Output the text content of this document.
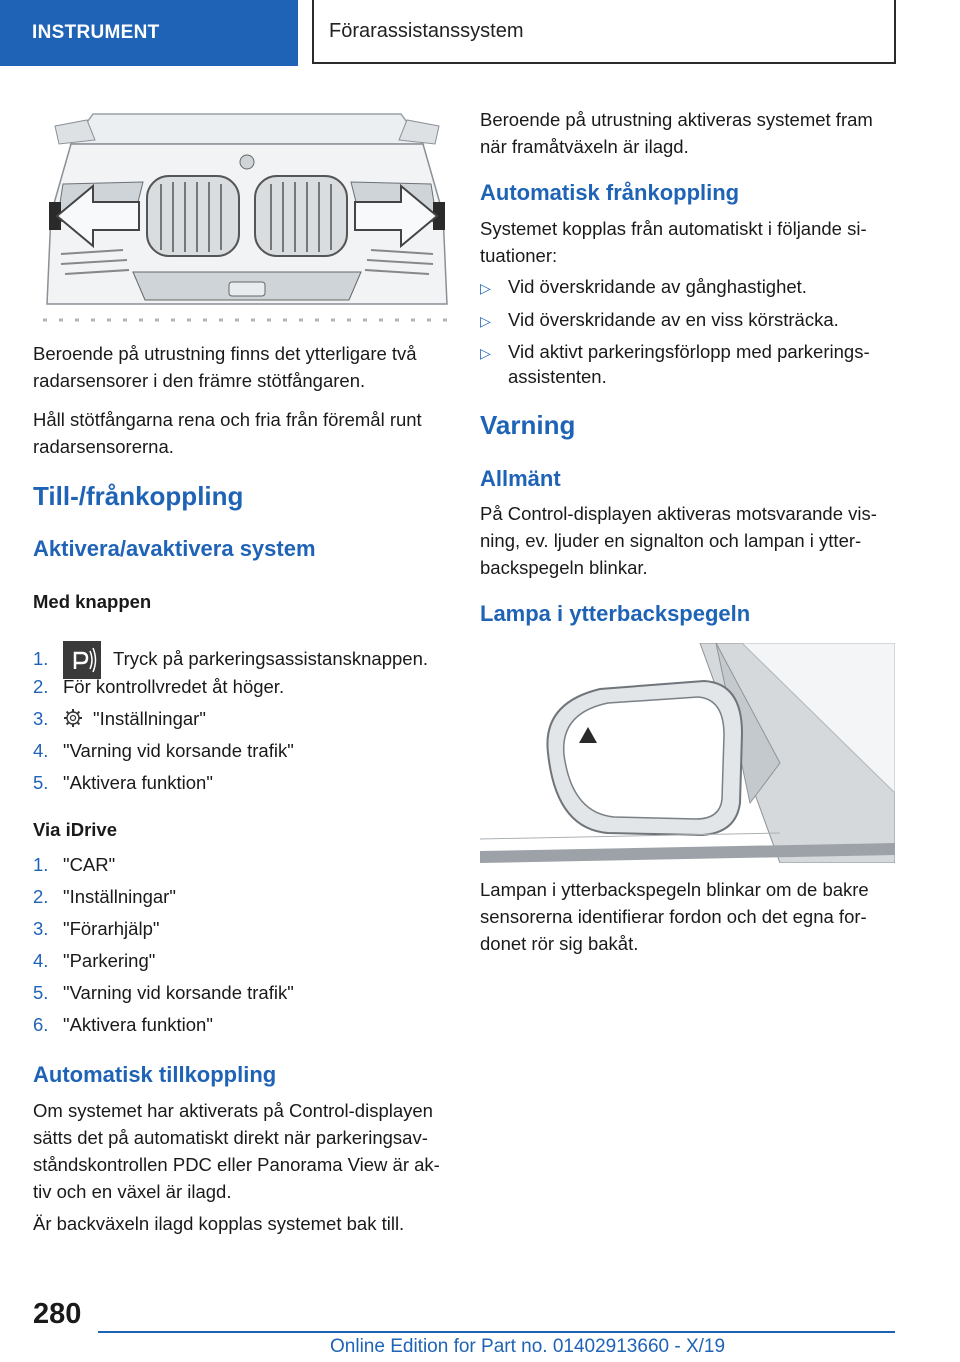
INSTRUMENT	Förarassistanssystem

Beroende på utrustning finns det ytterligare två radarsensorer i den främre stötfångaren.

Håll stötfångarna rena och fria från föremål runt radarsensorerna.

Till-/frånkoppling
Aktivera/avaktivera system
Med knappen
1.	Tryck på parkeringsassistansknappen.
2. För kontrollvredet åt höger.
3. "Inställningar"
4. "Varning vid korsande trafik"
5. "Aktivera funktion"
Via iDrive
1. "CAR"
2. "Inställningar"
3. "Förarhjälp"
4. "Parkering"
5. "Varning vid korsande trafik"
6. "Aktivera funktion"
Automatisk tillkoppling

Om systemet har aktiverats på Control-displayen

sätts det på automatiskt direkt när parkeringsav-

ståndskontrollen PDC eller Panorama View är ak-

tiv och en växel är ilagd.

Är backväxeln ilagd kopplas systemet bak till.

Beroende på utrustning aktiveras systemet fram

när framåtväxeln är ilagd.

Automatisk frånkoppling

Systemet kopplas från automatiskt i följande si-

tuationer:

▷ Vid överskridande av gånghastighet.
▷ Vid överskridande av en viss körsträcka.
▷ Vid aktivt parkeringsförlopp med parkerings-
assistenten.
Varning
Allmänt

På Control-displayen aktiveras motsvarande vis-

ning, ev. ljuder en signalton och lampan i ytter-

backspegeln blinkar.

Lampa i ytterbackspegeln

Lampan i ytterbackspegeln blinkar om de bakre

sensorerna identifierar fordon och det egna for-

donet rör sig bakåt.

280
Online Edition for Part no. 01402913660 - X/19
